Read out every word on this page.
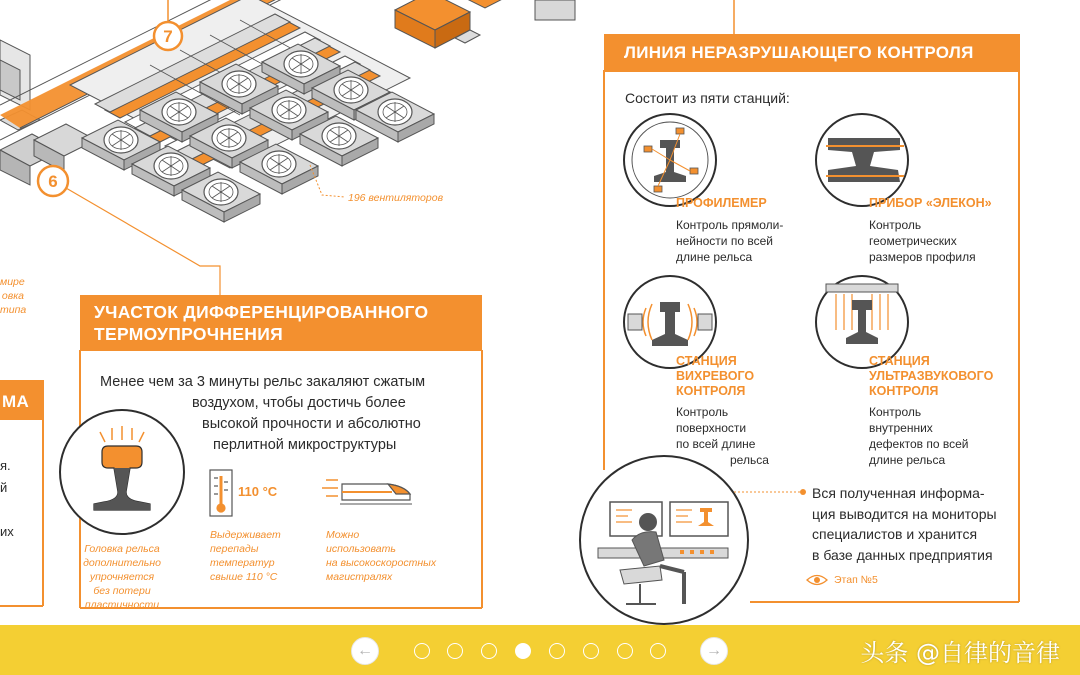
7
6
196 вентиляторов
мире
овка
типа
МА
я.
й
их
УЧАСТОК ДИФФЕРЕНЦИРОВАННОГО
ТЕРМОУПРОЧНЕНИЯ
Менее чем за 3 минуты рельс закаляют сжатым
воздухом, чтобы достичь более
высокой прочности и абсолютно
перлитной микроструктуры
Головка рельса
дополнительно
упрочняется
без потери
пластичности
110 °C
Выдерживает
перепады
температур
свыше 110 °C
Можно
использовать
на высокоскоростных
магистралях
ЛИНИЯ НЕРАЗРУШАЮЩЕГО КОНТРОЛЯ
Состоит из пяти станций:
ПРОФИЛЕМЕР
Контроль прямоли-
нейности по всей
длине рельса
ПРИБОР «ЭЛЕКОН»
Контроль
геометрических
размеров профиля
СТАНЦИЯ
ВИХРЕВОГО
КОНТРОЛЯ
Контроль
поверхности
по всей длине
рельса
СТАНЦИЯ
УЛЬТРАЗВУКОВОГО
КОНТРОЛЯ
Контроль
внутренних
дефектов по всей
длине рельса
Вся полученная информа-
ция выводится на мониторы
специалистов и хранится
в базе данных предприятия
Этап №5
←	→	头条 @自律的音律
